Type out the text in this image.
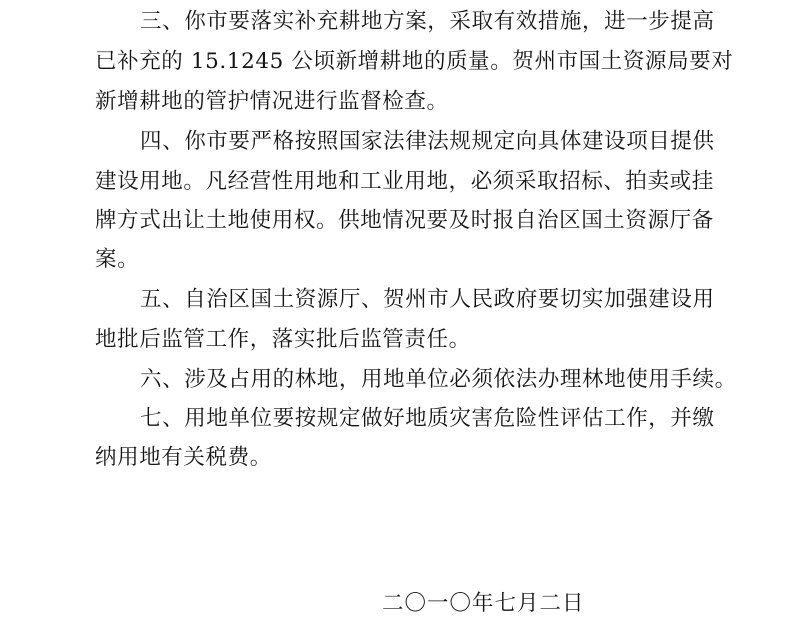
三、你市要落实补充耕地方案，采取有效措施，进一步提高
已补充的 15.1245 公顷新增耕地的质量。贺州市国土资源局要对
新增耕地的管护情况进行监督检查。
四、你市要严格按照国家法律法规规定向具体建设项目提供
建设用地。凡经营性用地和工业用地，必须采取招标、拍卖或挂
牌方式出让土地使用权。供地情况要及时报自治区国土资源厅备
案。
五、自治区国土资源厅、贺州市人民政府要切实加强建设用
地批后监管工作，落实批后监管责任。
六、涉及占用的林地，用地单位必须依法办理林地使用手续。
七、用地单位要按规定做好地质灾害危险性评估工作，并缴
纳用地有关税费。
二〇一〇年七月二日
